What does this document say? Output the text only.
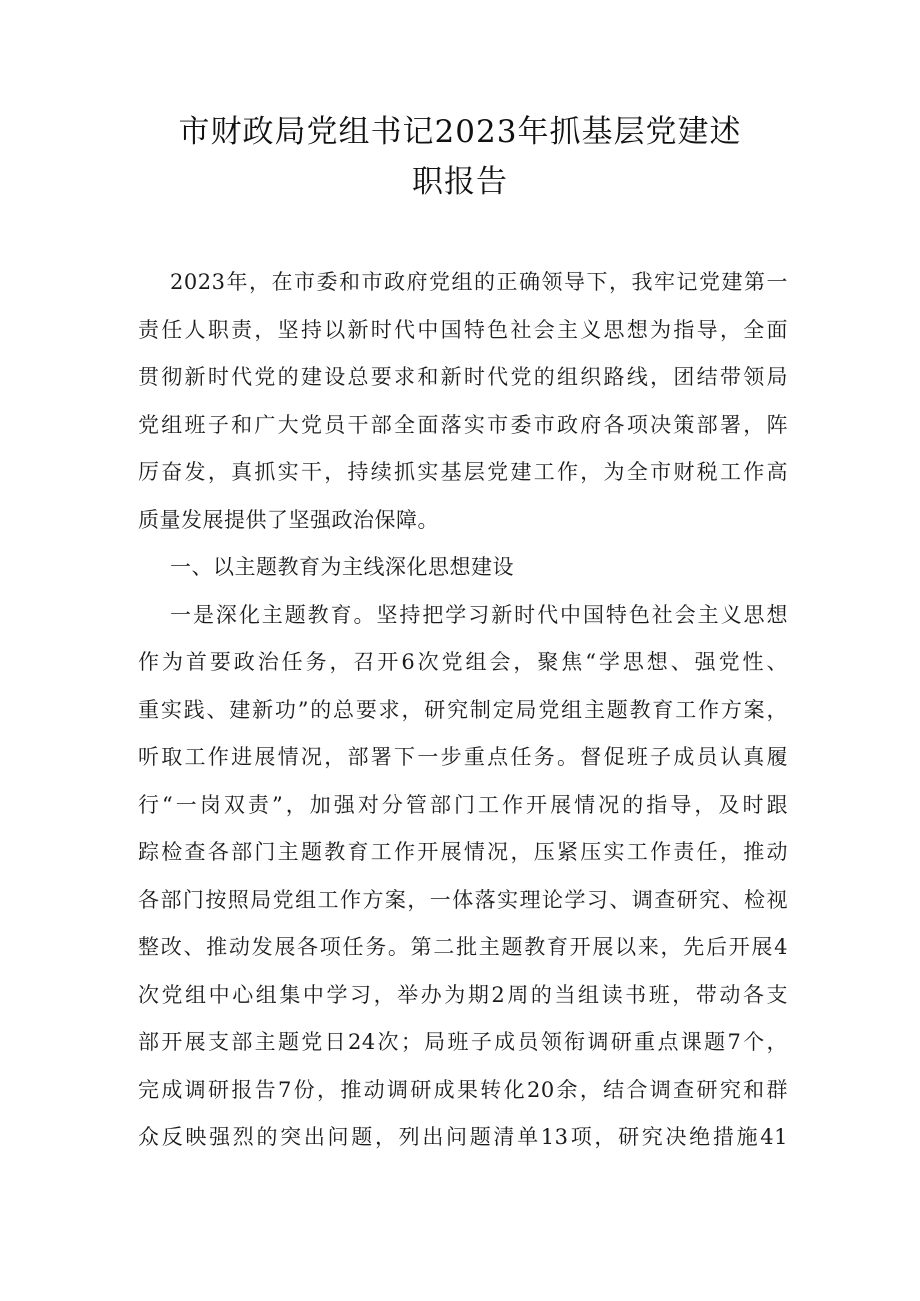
市财政局党组书记2023年抓基层党建述
职报告
2023年，在市委和市政府党组的正确领导下，我牢记党建第一
责任人职责，坚持以新时代中国特色社会主义思想为指导，全面
贯彻新时代党的建设总要求和新时代党的组织路线，团结带领局
党组班子和广大党员干部全面落实市委市政府各项决策部署，阵
厉奋发，真抓实干，持续抓实基层党建工作，为全市财税工作高
质量发展提供了坚强政治保障。
一、以主题教育为主线深化思想建设
一是深化主题教育。坚持把学习新时代中国特色社会主义思想
作为首要政治任务，召开6次党组会，聚焦“学思想、强党性、
重实践、建新功”的总要求，研究制定局党组主题教育工作方案，
听取工作进展情况，部署下一步重点任务。督促班子成员认真履
行“一岗双责”，加强对分管部门工作开展情况的指导，及时跟
踪检查各部门主题教育工作开展情况，压紧压实工作责任，推动
各部门按照局党组工作方案，一体落实理论学习、调查研究、检视
整改、推动发展各项任务。第二批主题教育开展以来，先后开展4
次党组中心组集中学习，举办为期2周的当组读书班，带动各支
部开展支部主题党日24次；局班子成员领衔调研重点课题7个，
完成调研报告7份，推动调研成果转化20余，结合调查研究和群
众反映强烈的突出问题，列出问题清单13项，研究决绝措施41
